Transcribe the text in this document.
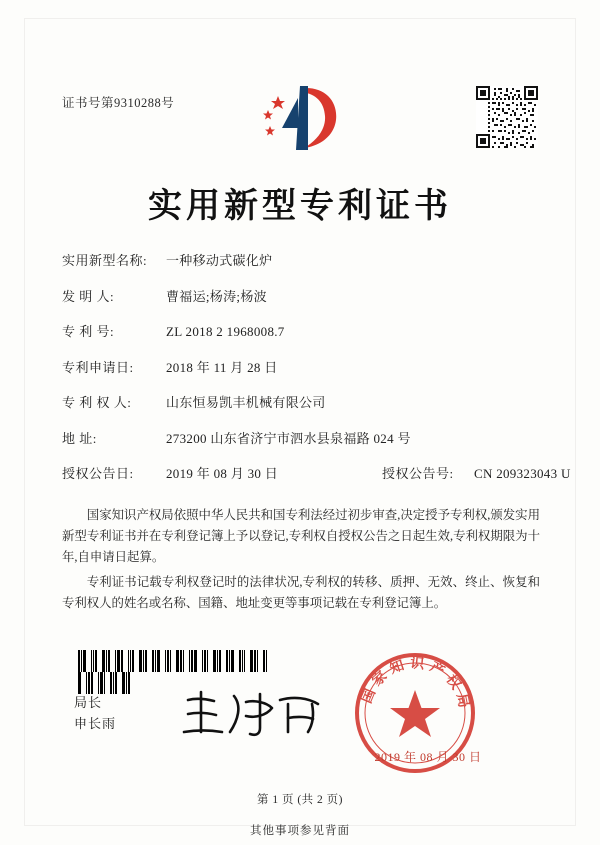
证书号第9310288号
实用新型专利证书
实用新型名称:	一种移动式碳化炉
发 明 人:	曹福运;杨涛;杨波
专 利 号:	ZL 2018 2 1968008.7
专利申请日:	2018 年 11 月 28 日
专 利 权 人:	山东恒易凯丰机械有限公司
地 址:	273200 山东省济宁市泗水县泉福路 024 号
授权公告日:	2019 年 08 月 30 日	授权公告号:	CN 209323043 U
国家知识产权局依照中华人民共和国专利法经过初步审查,决定授予专利权,颁发实用新型专利证书并在专利登记簿上予以登记,专利权自授权公告之日起生效,专利权期限为十年,自申请日起算。
专利证书记载专利权登记时的法律状况,专利权的转移、质押、无效、终止、恢复和专利权人的姓名或名称、国籍、地址变更等事项记载在专利登记簿上。

局长
申长雨
国家知识产权局
2019 年 08 月 30 日
第 1 页 (共 2 页)
其他事项参见背面
